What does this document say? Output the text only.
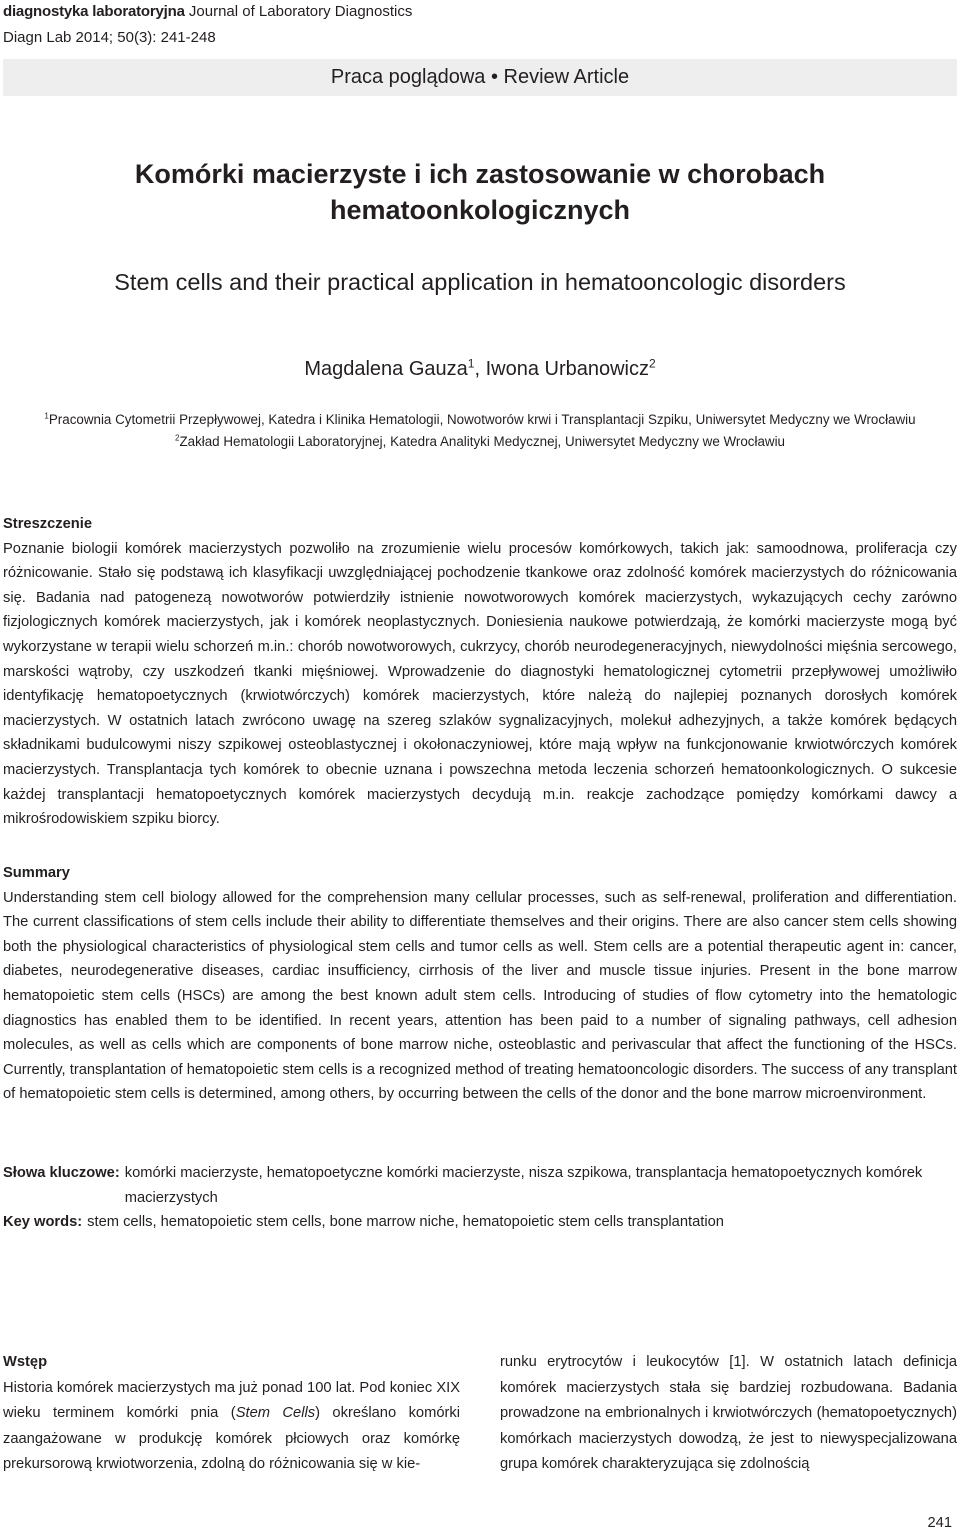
diagnostyka laboratoryjna Journal of Laboratory Diagnostics
Diagn Lab 2014; 50(3): 241-248
Praca poglądowa • Review Article
Komórki macierzyste i ich zastosowanie w chorobach
hematoonkologicznych
Stem cells and their practical application in hematooncologic disorders
Magdalena Gauza$^1$, Iwona Urbanowicz$^2$
$^1$Pracownia Cytometrii Przepływowej, Katedra i Klinika Hematologii, Nowotworów krwi i Transplantacji Szpiku, Uniwersytet Medyczny we Wrocławiu
$^2$Zakład Hematologii Laboratoryjnej, Katedra Analityki Medycznej, Uniwersytet Medyczny we Wrocławiu
Streszczenie

Poznanie biologii komórek macierzystych pozwoliło na zrozumienie wielu procesów komórkowych, takich jak: samoodnowa, proliferacja czy różnicowanie. Stało się podstawą ich klasyfikacji uwzględniającej pochodzenie tkankowe oraz zdolność komórek macierzystych do różnicowania się. Badania nad patogenezą nowotworów potwierdziły istnienie nowotworowych komórek macierzystych, wykazujących cechy zarówno fizjologicznych komórek macierzystych, jak i komórek neoplastycznych. Doniesienia naukowe potwierdzają, że komórki macierzyste mogą być wykorzystane w terapii wielu schorzeń m.in.: chorób nowotworowych, cukrzycy, chorób neurodegeneracyjnych, niewydolności mięśnia sercowego, marskości wątroby, czy uszkodzeń tkanki mięśniowej. Wprowadzenie do diagnostyki hematologicznej cytometrii przepływowej umożliwiło identyfikację hematopoetycznych (krwiotwórczych) komórek macierzystych, które należą do najlepiej poznanych dorosłych komórek macierzystych. W ostatnich latach zwrócono uwagę na szereg szlaków sygnalizacyjnych, molekuł adhezyjnych, a także komórek będących składnikami budulcowymi niszy szpikowej osteoblastycznej i okołonaczyniowej, które mają wpływ na funkcjonowanie krwiotwórczych komórek macierzystych. Transplantacja tych komórek to obecnie uznana i powszechna metoda leczenia schorzeń hematoonkologicznych. O sukcesie każdej transplantacji hematopoetycznych komórek macierzystych decydują m.in. reakcje zachodzące pomiędzy komórkami dawcy a mikrośrodowiskiem szpiku biorcy.

Summary

Understanding stem cell biology allowed for the comprehension many cellular processes, such as self-renewal, proliferation and differentiation. The current classifications of stem cells include their ability to differentiate themselves and their origins. There are also cancer stem cells showing both the physiological characteristics of physiological stem cells and tumor cells as well. Stem cells are a potential therapeutic agent in: cancer, diabetes, neurodegenerative diseases, cardiac insufficiency, cirrhosis of the liver and muscle tissue injuries. Present in the bone marrow hematopoietic stem cells (HSCs) are among the best known adult stem cells. Introducing of studies of flow cytometry into the hematologic diagnostics has enabled them to be identified. In recent years, attention has been paid to a number of signaling pathways, cell adhesion molecules, as well as cells which are components of bone marrow niche, osteoblastic and perivascular that affect the functioning of the HSCs. Currently, transplantation of hematopoietic stem cells is a recognized method of treating hematooncologic disorders. The success of any transplant of hematopoietic stem cells is determined, among others, by occurring between the cells of the donor and the bone marrow microenvironment.

Słowa kluczowe: komórki macierzyste, hematopoetyczne komórki macierzyste, nisza szpikowa, transplantacja hematopoetycznych komórek macierzystych
Key words: stem cells, hematopoietic stem cells, bone marrow niche, hematopoietic stem cells transplantation
Wstęp

Historia komórek macierzystych ma już ponad 100 lat. Pod koniec XIX wieku terminem komórki pnia (Stem Cells) określano komórki zaangażowane w produkcję komórek płciowych oraz komórkę prekursorową krwiotworzenia, zdolną do różnicowania się w kie-

runku erytrocytów i leukocytów [1]. W ostatnich latach definicja komórek macierzystych stała się bardziej rozbudowana. Badania prowadzone na embrionalnych i krwiotwórczych (hematopoetycznych) komórkach macierzystych dowodzą, że jest to niewyspecjalizowana grupa komórek charakteryzująca się zdolnością

241
